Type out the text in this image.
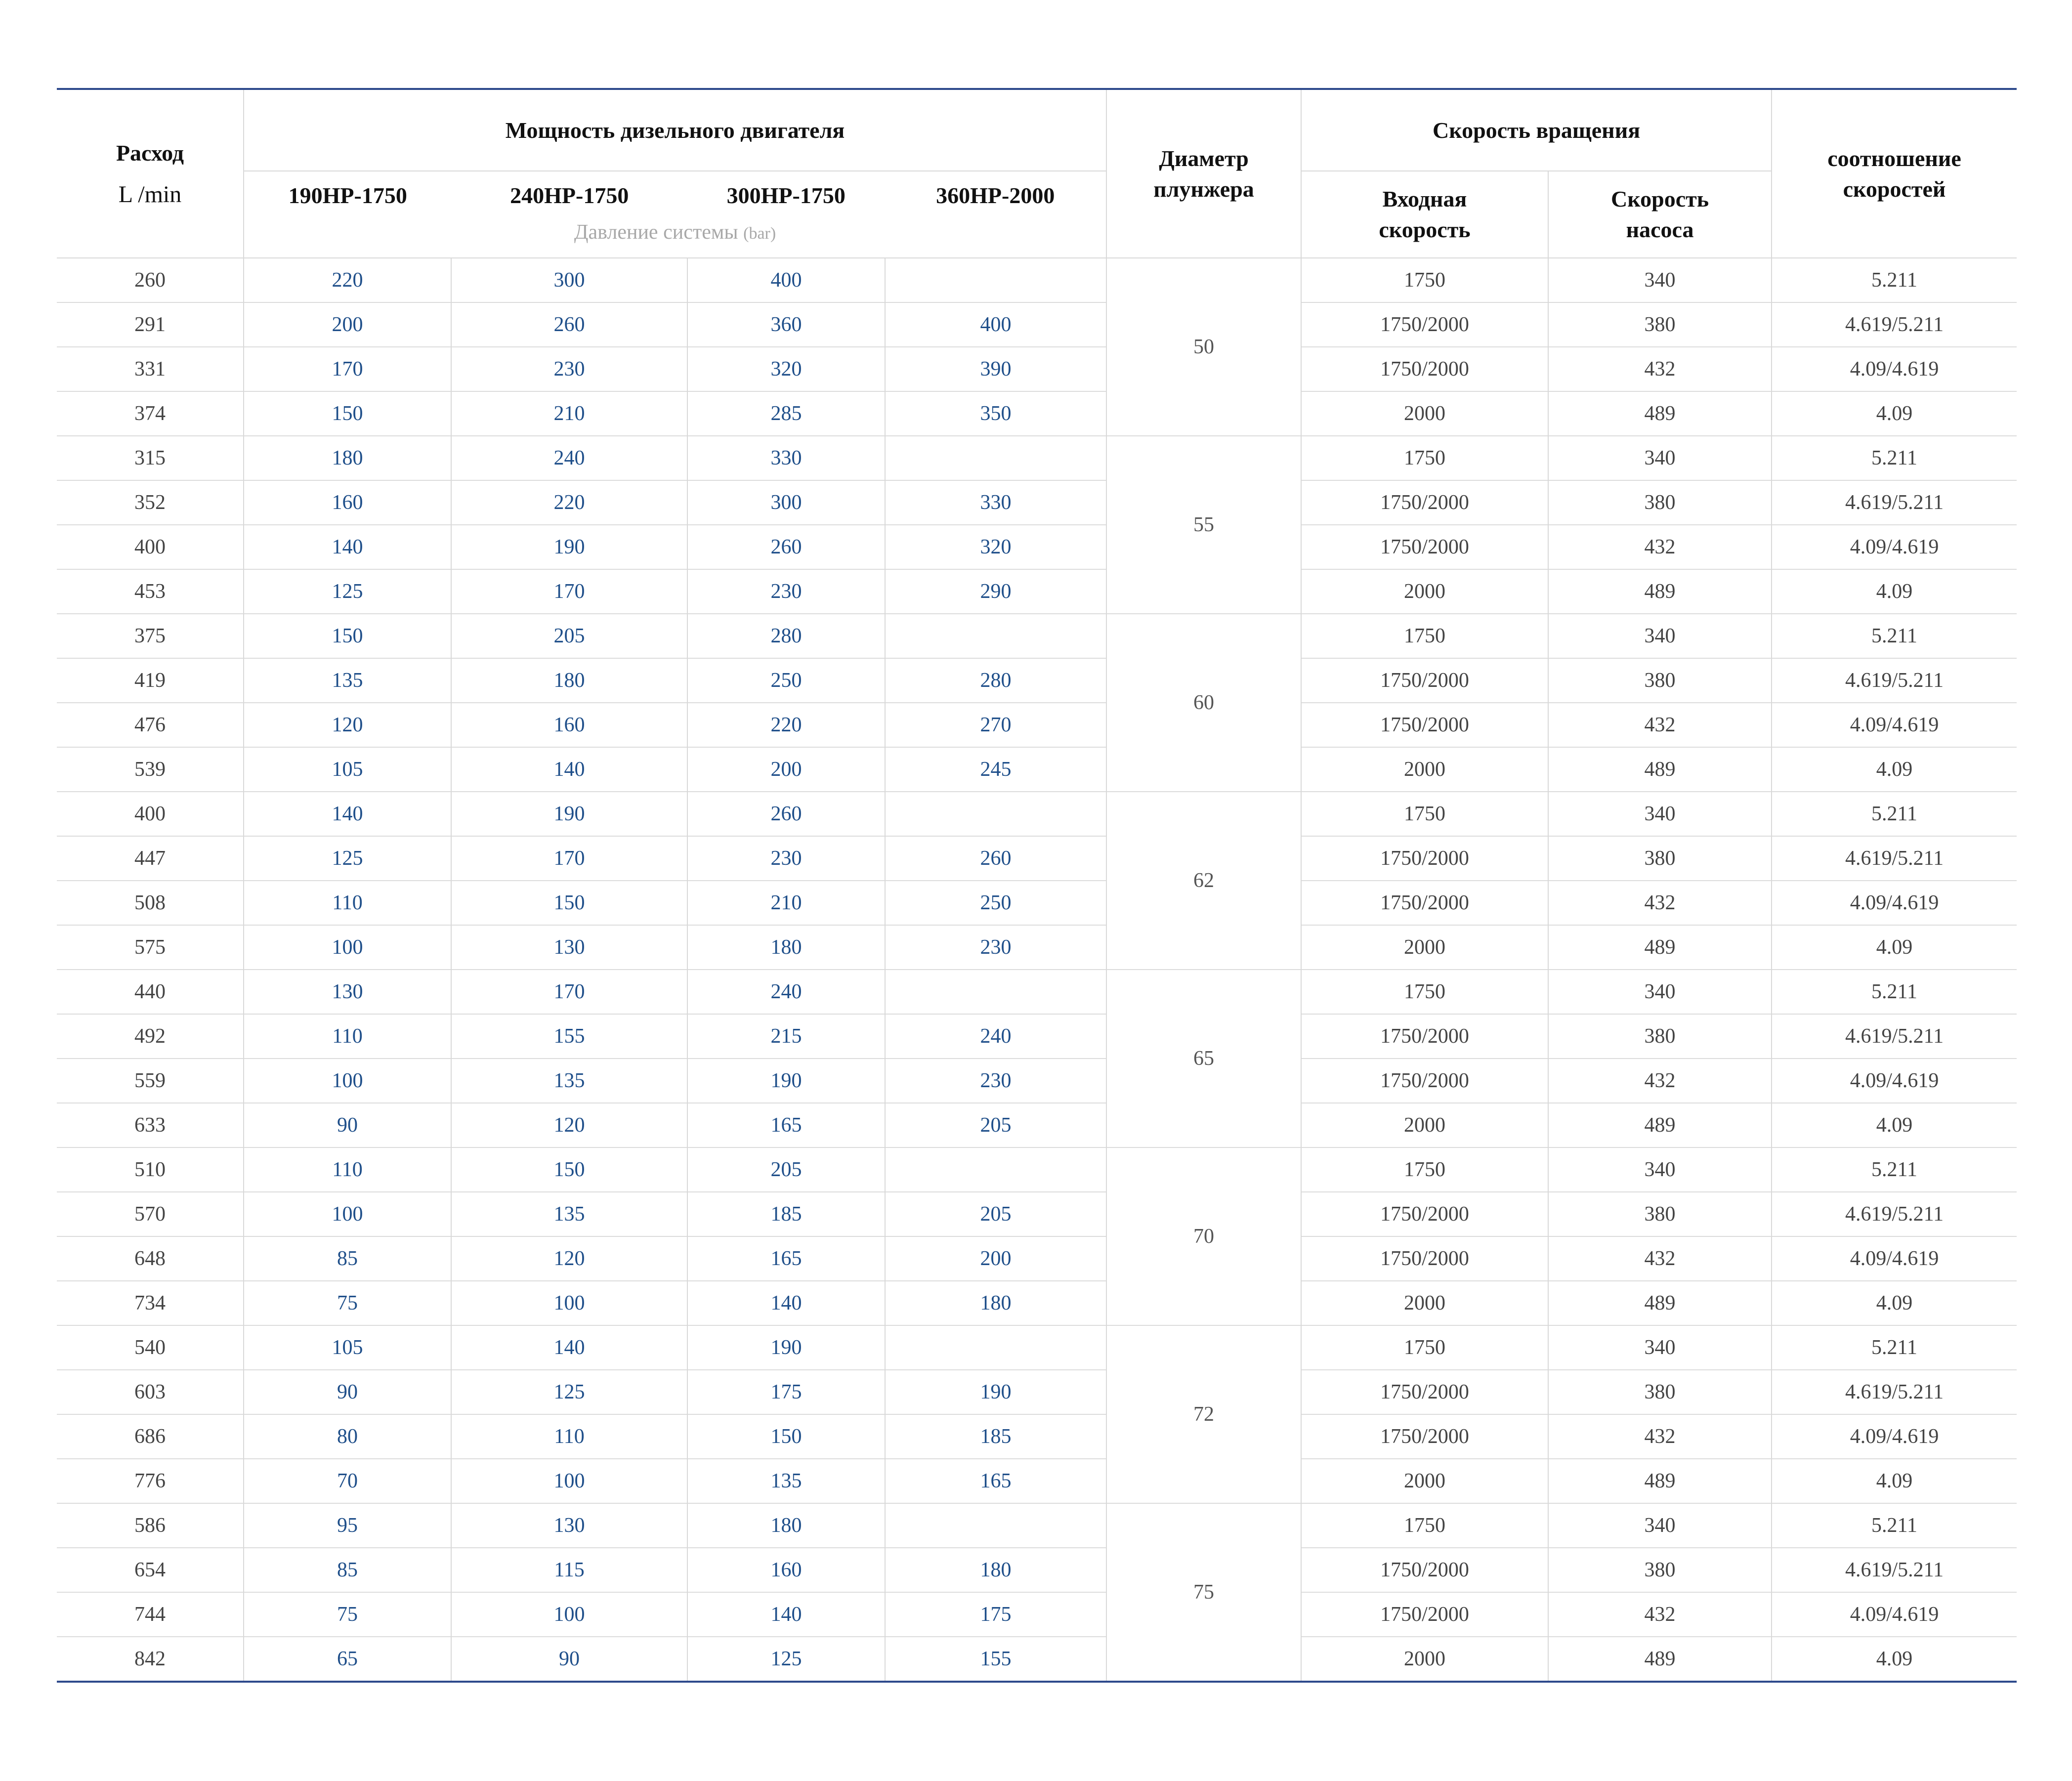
Расход
L /min	Мощность дизельного двигателя				Диаметр
плунжера	Скорость вращения		соотношение
скоростей

	190HP-1750 240HP-1750 300HP-1750 360HP-2000
Давление системы (bar)					Входная
скорость	Скорость
насоса	
260	220	300	400		50	1750	340	5.211
291	200	260	360	400		1750/2000	380	4.619/5.211
331	170	230	320	390		1750/2000	432	4.09/4.619
374	150	210	285	350		2000	489	4.09
315	180	240	330		55	1750	340	5.211
352	160	220	300	330		1750/2000	380	4.619/5.211
400	140	190	260	320		1750/2000	432	4.09/4.619
453	125	170	230	290		2000	489	4.09
375	150	205	280		60	1750	340	5.211
419	135	180	250	280		1750/2000	380	4.619/5.211
476	120	160	220	270		1750/2000	432	4.09/4.619
539	105	140	200	245		2000	489	4.09
400	140	190	260		62	1750	340	5.211
447	125	170	230	260		1750/2000	380	4.619/5.211
508	110	150	210	250		1750/2000	432	4.09/4.619
575	100	130	180	230		2000	489	4.09
440	130	170	240		65	1750	340	5.211
492	110	155	215	240		1750/2000	380	4.619/5.211
559	100	135	190	230		1750/2000	432	4.09/4.619
633	90	120	165	205		2000	489	4.09
510	110	150	205		70	1750	340	5.211
570	100	135	185	205		1750/2000	380	4.619/5.211
648	85	120	165	200		1750/2000	432	4.09/4.619
734	75	100	140	180		2000	489	4.09
540	105	140	190		72	1750	340	5.211
603	90	125	175	190		1750/2000	380	4.619/5.211
686	80	110	150	185		1750/2000	432	4.09/4.619
776	70	100	135	165		2000	489	4.09
586	95	130	180		75	1750	340	5.211
654	85	115	160	180		1750/2000	380	4.619/5.211
744	75	100	140	175		1750/2000	432	4.09/4.619
842	65	90	125	155		2000	489	4.09
